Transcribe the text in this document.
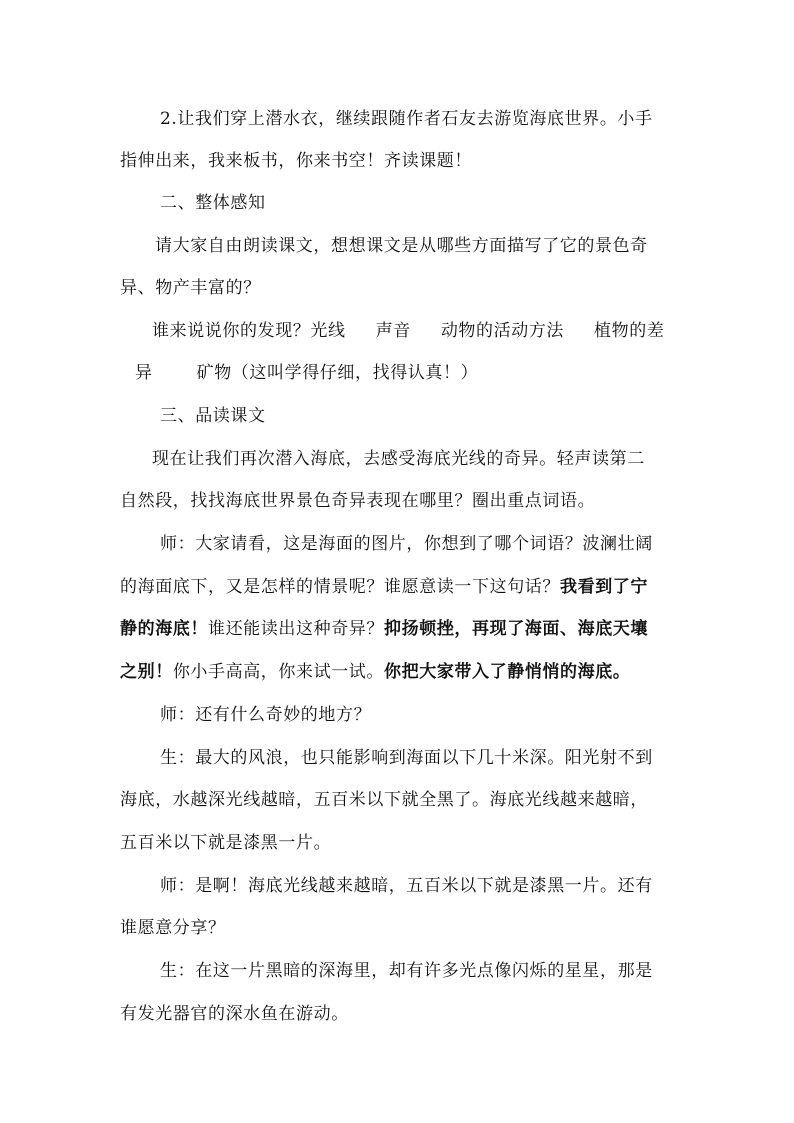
2.让我们穿上潜水衣，继续跟随作者石友去游览海底世界。小手
指伸出来，我来板书，你来书空！齐读课题！
二、整体感知
请大家自由朗读课文，想想课文是从哪些方面描写了它的景色奇
异、物产丰富的？
谁来说说你的发现？光线 声音 动物的活动方法 植物的差
异	矿物（这叫学得仔细，找得认真！）
三、品读课文
现在让我们再次潜入海底，去感受海底光线的奇异。轻声读第二
自然段，找找海底世界景色奇异表现在哪里？圈出重点词语。
师：大家请看，这是海面的图片，你想到了哪个词语？波澜壮阔
的海面底下，又是怎样的情景呢？谁愿意读一下这句话？我看到了宁
静的海底！谁还能读出这种奇异？抑扬顿挫，再现了海面、海底天壤
之别！你小手高高，你来试一试。你把大家带入了静悄悄的海底。
师：还有什么奇妙的地方？
生：最大的风浪，也只能影响到海面以下几十米深。阳光射不到
海底，水越深光线越暗，五百米以下就全黑了。海底光线越来越暗，
五百米以下就是漆黑一片。
师：是啊！海底光线越来越暗，五百米以下就是漆黑一片。还有
谁愿意分享？
生：在这一片黑暗的深海里，却有许多光点像闪烁的星星，那是
有发光器官的深水鱼在游动。
